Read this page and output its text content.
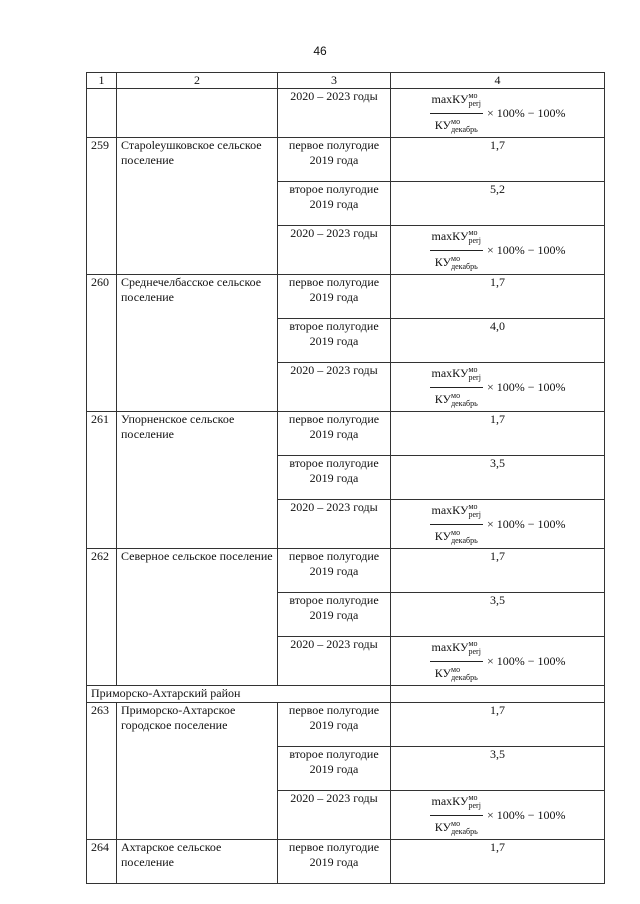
46
1	2	3	4
		2020 – 2023 годы	$\frac{\max КУ^{мо}_{perj}}{КУ^{мо}_{декабрь}} \times 100\% - 100\%$

259	Староleушковское сельское поселение	первое полугодие 2019 года	1,7
		второе полугодие 2019 года	5,2
		2020 – 2023 годы	$\frac{\max КУ^{мо}_{perj}}{КУ^{мо}_{декабрь}} \times 100\% - 100\%$

260	Среднечелбасское сельское поселение	первое полугодие 2019 года	1,7
		второе полугодие 2019 года	4,0
		2020 – 2023 годы	$\frac{\max КУ^{мо}_{perj}}{КУ^{мо}_{декабрь}} \times 100\% - 100\%$

261	Упорненское сельское поселение	первое полугодие 2019 года	1,7
		второе полугодие 2019 года	3,5
		2020 – 2023 годы	$\frac{\max КУ^{мо}_{perj}}{КУ^{мо}_{декабрь}} \times 100\% - 100\%$

262	Северное сельское поселение	первое полугодие 2019 года	1,7
		второе полугодие 2019 года	3,5
		2020 – 2023 годы	$\frac{\max КУ^{мо}_{perj}}{КУ^{мо}_{декабрь}} \times 100\% - 100\%$

Приморско-Ахтарский район			
263	Приморско-Ахтарское городское поселение	первое полугодие 2019 года	1,7
		второе полугодие 2019 года	3,5
		2020 – 2023 годы	$\frac{\max КУ^{мо}_{perj}}{КУ^{мо}_{декабрь}} \times 100\% - 100\%$

264	Ахтарское сельское поселение	первое полугодие 2019 года	1,7
